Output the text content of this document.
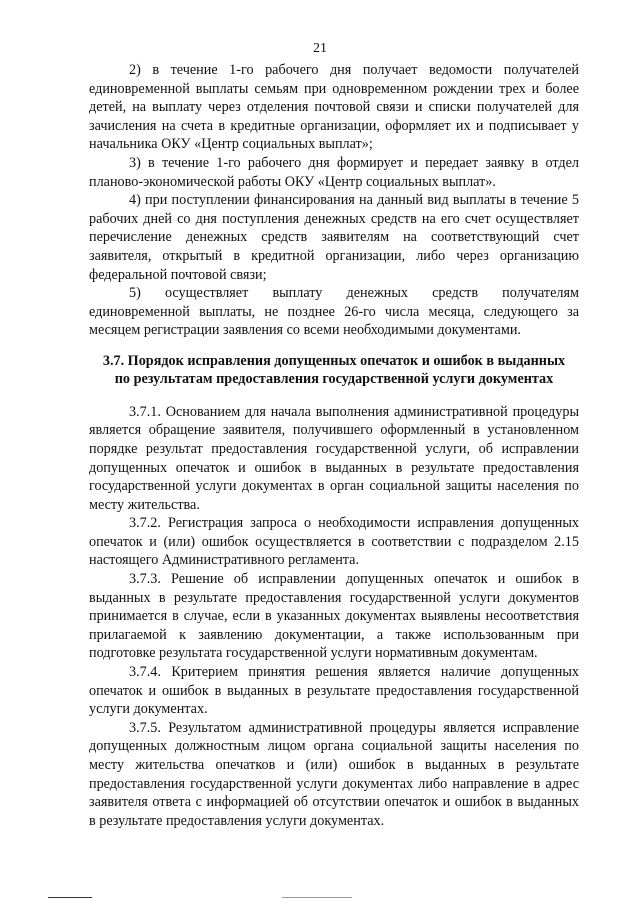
21

2) в течение 1-го рабочего дня получает ведомости получателей единовременной выплаты семьям при одновременном рождении трех и более детей, на выплату через отделения почтовой связи и списки получателей для зачисления на счета в кредитные организации, оформляет их и подписывает у начальника ОКУ «Центр социальных выплат»;

3) в течение 1-го рабочего дня формирует и передает заявку в отдел планово-экономической работы ОКУ «Центр социальных выплат».

4) при поступлении финансирования на данный вид выплаты в течение 5 рабочих дней со дня поступления денежных средств на его счет осуществляет перечисление денежных средств заявителям на соответствующий счет заявителя, открытый в кредитной организации, либо через организацию федеральной почтовой связи;

5) осуществляет выплату денежных средств получателям единовременной выплаты, не позднее 26-го числа месяца, следующего за месяцем регистрации заявления со всеми необходимыми документами.

3.7. Порядок исправления допущенных опечаток и ошибок в выданных по результатам предоставления государственной услуги документах

3.7.1. Основанием для начала выполнения административной процедуры является обращение заявителя, получившего оформленный в установленном порядке результат предоставления государственной услуги, об исправлении допущенных опечаток и ошибок в выданных в результате предоставления государственной услуги документах в орган социальной защиты населения по месту жительства.

3.7.2. Регистрация запроса о необходимости исправления допущенных опечаток и (или) ошибок осуществляется в соответствии с подразделом 2.15 настоящего Административного регламента.

3.7.3. Решение об исправлении допущенных опечаток и ошибок в выданных в результате предоставления государственной услуги документов принимается в случае, если в указанных документах выявлены несоответствия прилагаемой к заявлению документации, а также использованным при подготовке результата государственной услуги нормативным документам.

3.7.4. Критерием принятия решения является наличие допущенных опечаток и ошибок в выданных в результате предоставления государственной услуги документах.

3.7.5. Результатом административной процедуры является исправление допущенных должностным лицом органа социальной защиты населения по месту жительства опечатков и (или) ошибок в выданных в результате предоставления государственной услуги документах либо направление в адрес заявителя ответа с информацией об отсутствии опечаток и ошибок в выданных в результате предоставления услуги документах.
